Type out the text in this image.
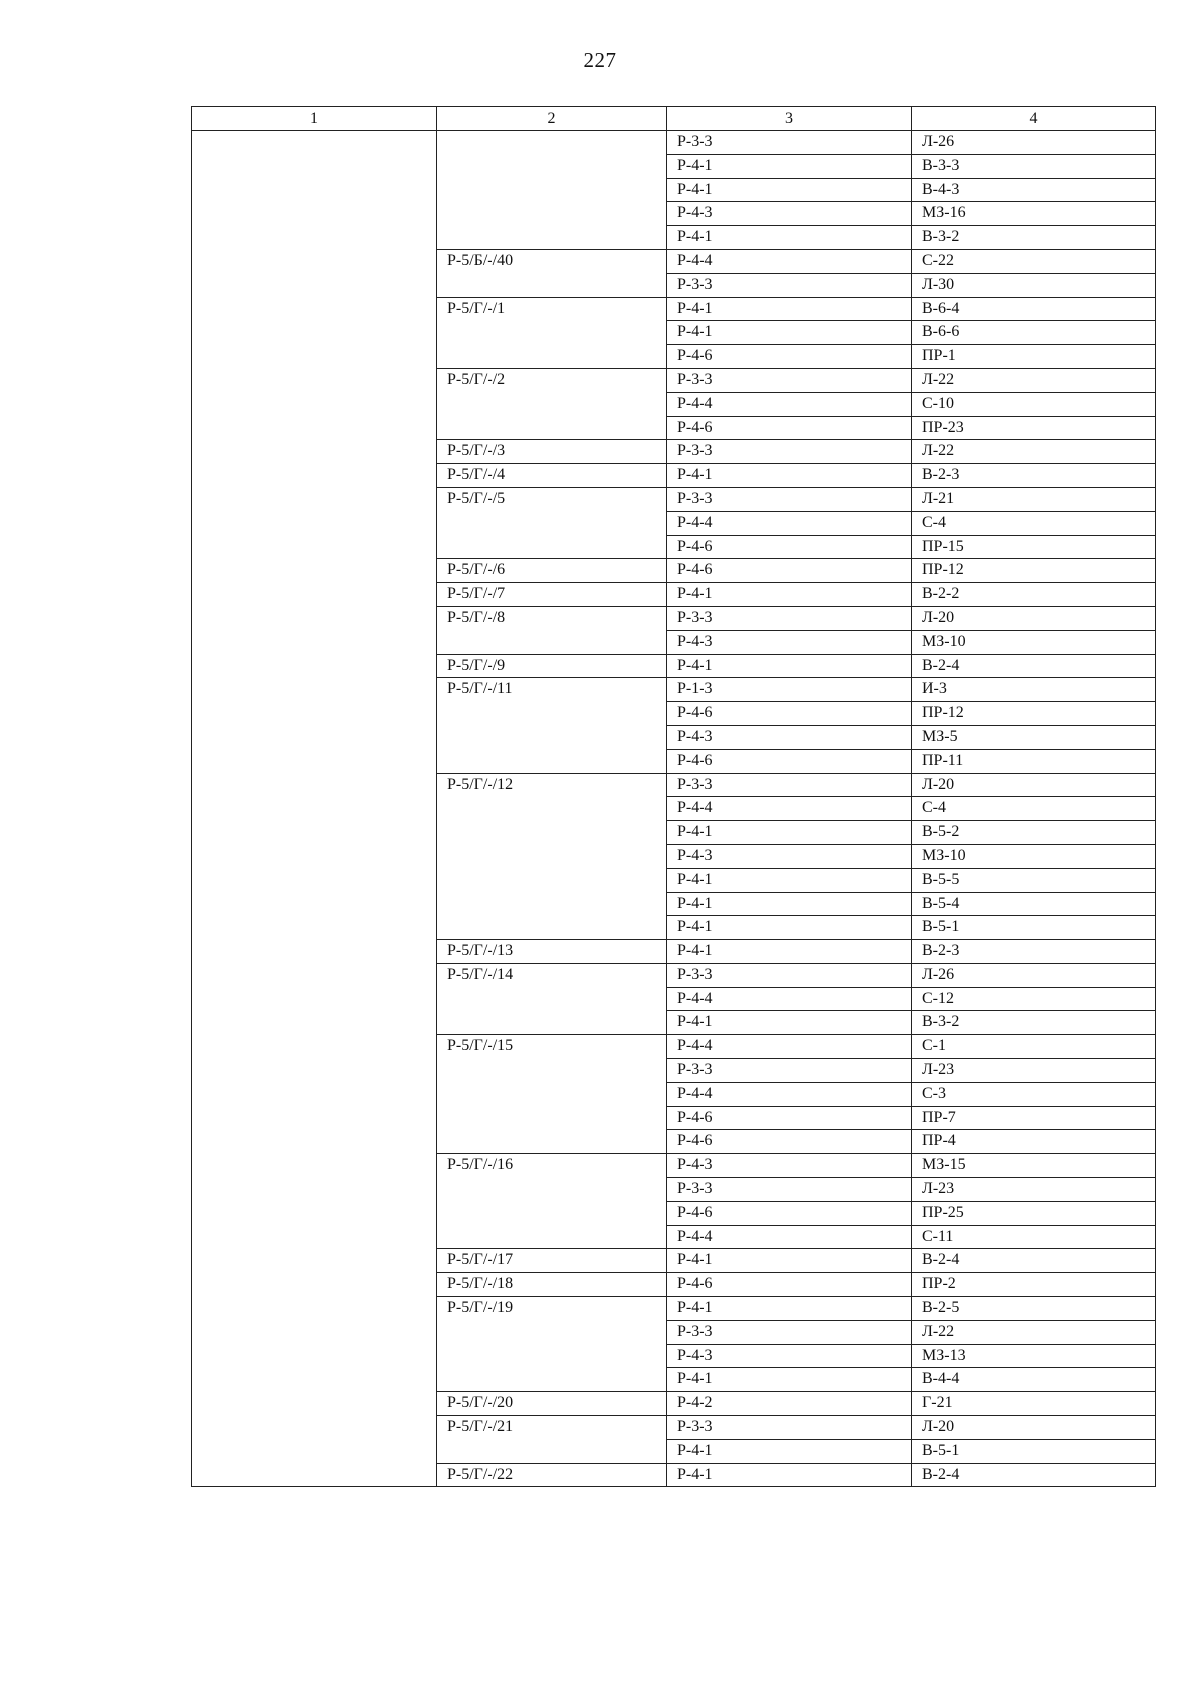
227
1	2	3	4
		Р-3-3	Л-26
		Р-4-1	В-3-3
		Р-4-1	В-4-3
		Р-4-3	МЗ-16
		Р-4-1	В-3-2
	Р-5/Б/-/40	Р-4-4	С-22
		Р-3-3	Л-30
	Р-5/Г/-/1	Р-4-1	В-6-4
		Р-4-1	В-6-6
		Р-4-6	ПР-1
	Р-5/Г/-/2	Р-3-3	Л-22
		Р-4-4	С-10
		Р-4-6	ПР-23
	Р-5/Г/-/3	Р-3-3	Л-22
	Р-5/Г/-/4	Р-4-1	В-2-3
	Р-5/Г/-/5	Р-3-3	Л-21
		Р-4-4	С-4
		Р-4-6	ПР-15
	Р-5/Г/-/6	Р-4-6	ПР-12
	Р-5/Г/-/7	Р-4-1	В-2-2
	Р-5/Г/-/8	Р-3-3	Л-20
		Р-4-3	МЗ-10
	Р-5/Г/-/9	Р-4-1	В-2-4
	Р-5/Г/-/11	Р-1-3	И-3
		Р-4-6	ПР-12
		Р-4-3	МЗ-5
		Р-4-6	ПР-11
	Р-5/Г/-/12	Р-3-3	Л-20
		Р-4-4	С-4
		Р-4-1	В-5-2
		Р-4-3	МЗ-10
		Р-4-1	В-5-5
		Р-4-1	В-5-4
		Р-4-1	В-5-1
	Р-5/Г/-/13	Р-4-1	В-2-3
	Р-5/Г/-/14	Р-3-3	Л-26
		Р-4-4	С-12
		Р-4-1	В-3-2
	Р-5/Г/-/15	Р-4-4	С-1
		Р-3-3	Л-23
		Р-4-4	С-3
		Р-4-6	ПР-7
		Р-4-6	ПР-4
	Р-5/Г/-/16	Р-4-3	МЗ-15
		Р-3-3	Л-23
		Р-4-6	ПР-25
		Р-4-4	С-11
	Р-5/Г/-/17	Р-4-1	В-2-4
	Р-5/Г/-/18	Р-4-6	ПР-2
	Р-5/Г/-/19	Р-4-1	В-2-5
		Р-3-3	Л-22
		Р-4-3	МЗ-13
		Р-4-1	В-4-4
	Р-5/Г/-/20	Р-4-2	Г-21
	Р-5/Г/-/21	Р-3-3	Л-20
		Р-4-1	В-5-1
	Р-5/Г/-/22	Р-4-1	В-2-4
